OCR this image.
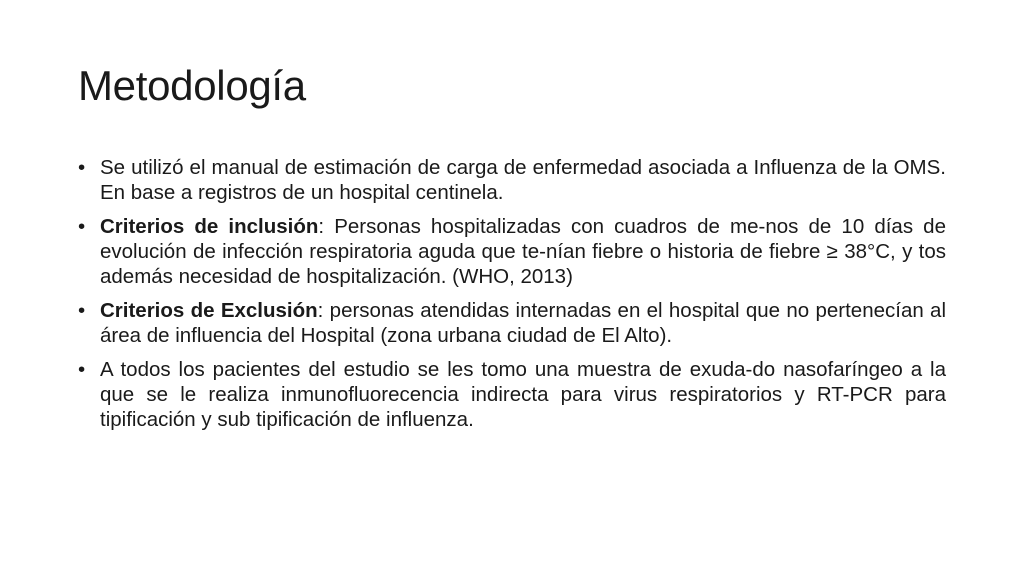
Metodología
• Se utilizó el manual de estimación de carga de enfermedad asociada a Influenza de la OMS. En base a registros de un hospital centinela.
• Criterios de inclusión: Personas hospitalizadas con cuadros de me-nos de 10 días de evolución de infección respiratoria aguda que te-nían fiebre o historia de fiebre ≥ 38°C, y tos además necesidad de hospitalización. (WHO, 2013)
• Criterios de Exclusión: personas atendidas internadas en el hospital que no pertenecían al área de influencia del Hospital (zona urbana ciudad de El Alto).
• A todos los pacientes del estudio se les tomo una muestra de exuda-do nasofaríngeo a la que se le realiza inmunofluorecencia indirecta para virus respiratorios y RT-PCR para tipificación y sub tipificación de influenza.
